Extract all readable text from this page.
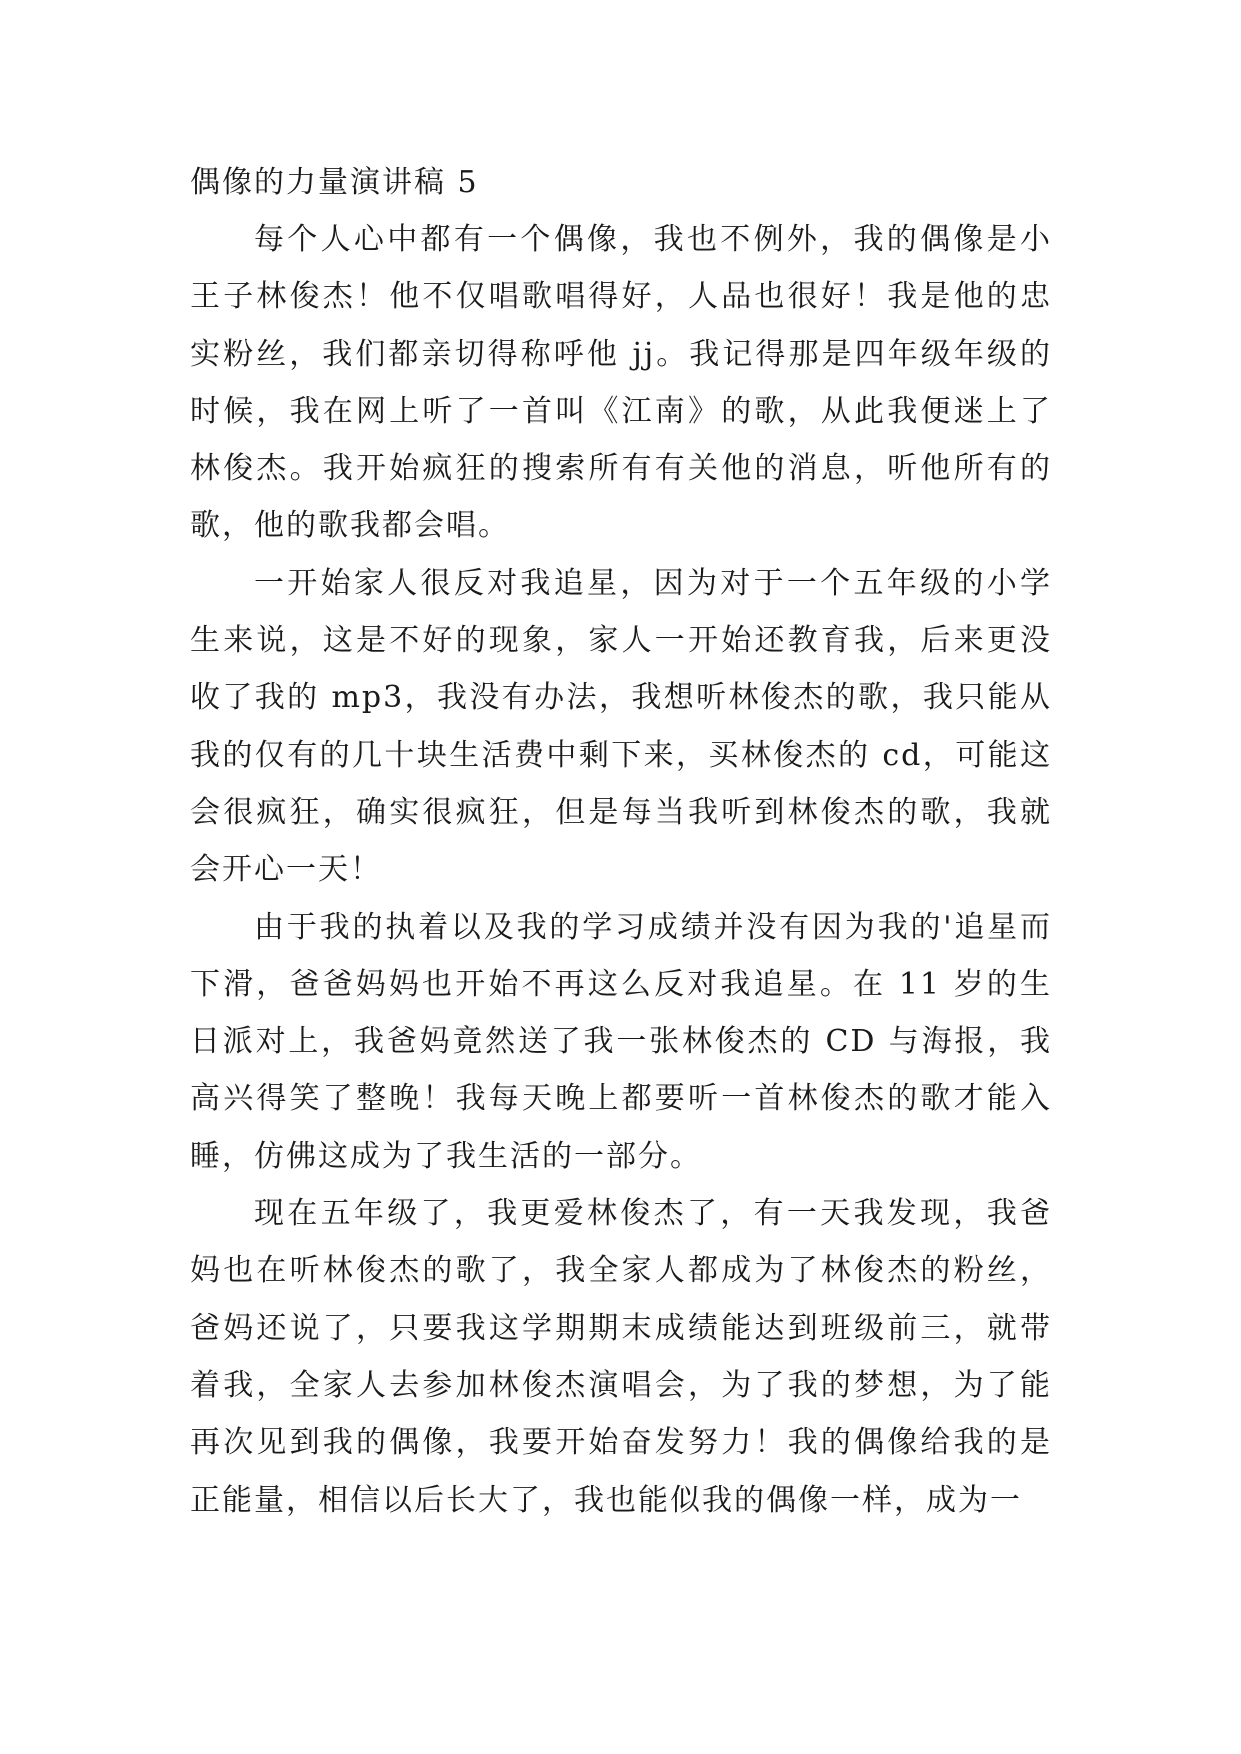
偶像的力量演讲稿 5

每个人心中都有一个偶像，我也不例外，我的偶像是小王子林俊杰！他不仅唱歌唱得好，人品也很好！我是他的忠实粉丝，我们都亲切得称呼他 jj。我记得那是四年级年级的时候，我在网上听了一首叫《江南》的歌，从此我便迷上了林俊杰。我开始疯狂的搜索所有有关他的消息，听他所有的歌，他的歌我都会唱。

一开始家人很反对我追星，因为对于一个五年级的小学生来说，这是不好的现象，家人一开始还教育我，后来更没收了我的 mp3，我没有办法，我想听林俊杰的歌，我只能从我的仅有的几十块生活费中剩下来，买林俊杰的 cd，可能这会很疯狂，确实很疯狂，但是每当我听到林俊杰的歌，我就会开心一天！

由于我的执着以及我的学习成绩并没有因为我的'追星而下滑，爸爸妈妈也开始不再这么反对我追星。在 11 岁的生日派对上，我爸妈竟然送了我一张林俊杰的 CD 与海报，我高兴得笑了整晚！我每天晚上都要听一首林俊杰的歌才能入睡，仿佛这成为了我生活的一部分。

现在五年级了，我更爱林俊杰了，有一天我发现，我爸妈也在听林俊杰的歌了，我全家人都成为了林俊杰的粉丝，爸妈还说了，只要我这学期期末成绩能达到班级前三，就带着我，全家人去参加林俊杰演唱会，为了我的梦想，为了能再次见到我的偶像，我要开始奋发努力！我的偶像给我的是正能量，相信以后长大了，我也能似我的偶像一样，成为一
